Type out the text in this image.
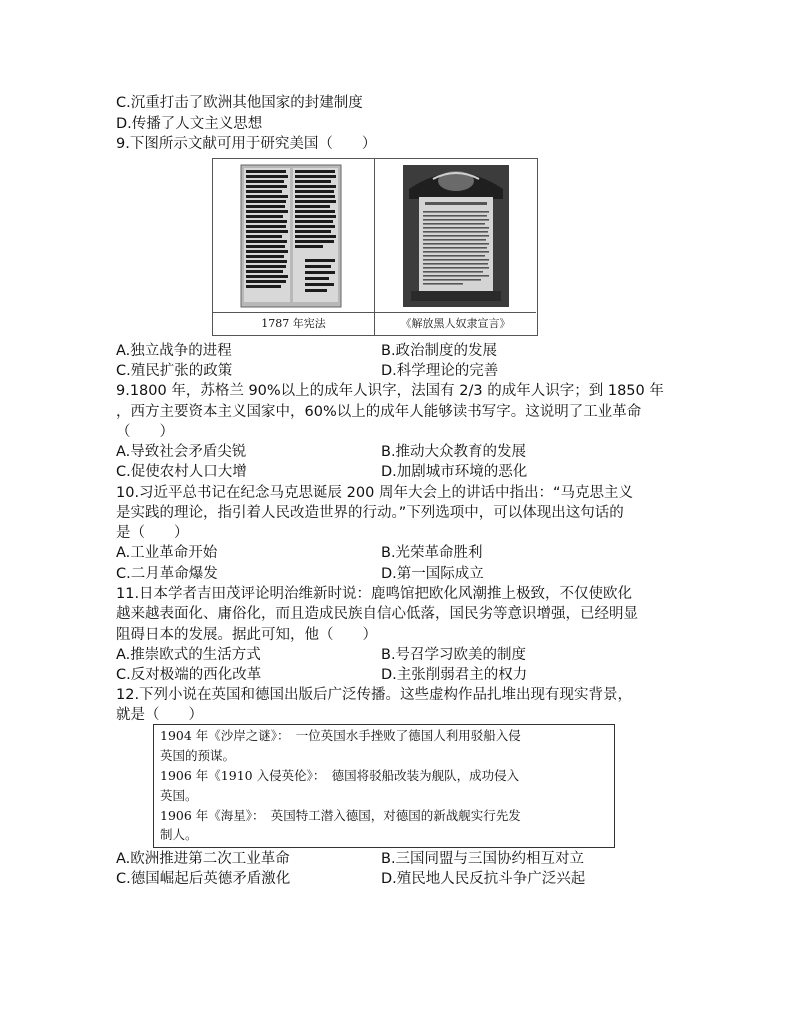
C.沉重打击了欧洲其他国家的封建制度
D.传播了人文主义思想
9.下图所示文献可用于研究美国（　　）
1787 年宪法	《解放黑人奴隶宣言》
A.独立战争的进程	B.政治制度的发展
C.殖民扩张的政策	D.科学理论的完善
9.1800 年，苏格兰 90%以上的成年人识字，法国有 2/3 的成年人识字；到 1850 年
，西方主要资本主义国家中，60%以上的成年人能够读书写字。这说明了工业革命
（　　）
A.导致社会矛盾尖锐	B.推动大众教育的发展
C.促使农村人口大增	D.加剧城市环境的恶化
10.习近平总书记在纪念马克思诞辰 200 周年大会上的讲话中指出：“马克思主义
是实践的理论，指引着人民改造世界的行动。”下列选项中，可以体现出这句话的
是（　　）
A.工业革命开始	B.光荣革命胜利
C.二月革命爆发	D.第一国际成立
11.日本学者吉田茂评论明治维新时说：鹿鸣馆把欧化风潮推上极致，不仅使欧化
越来越表面化、庸俗化，而且造成民族自信心低落，国民劣等意识增强，已经明显
阻碍日本的发展。据此可知，他（　　）
A.推崇欧式的生活方式	B.号召学习欧美的制度
C.反对极端的西化改革	D.主张削弱君主的权力
12.下列小说在英国和德国出版后广泛传播。这些虚构作品扎堆出现有现实背景，
就是（　　）
1904 年《沙岸之谜》：　一位英国水手挫败了德国人利用驳船入侵
英国的预谋。
1906 年《1910 入侵英伦》：　德国将驳船改装为舰队，成功侵入
英国。
1906 年《海星》：　英国特工潜入德国，对德国的新战舰实行先发
制人。
A.欧洲推进第二次工业革命	B.三国同盟与三国协约相互对立
C.德国崛起后英德矛盾激化	D.殖民地人民反抗斗争广泛兴起
